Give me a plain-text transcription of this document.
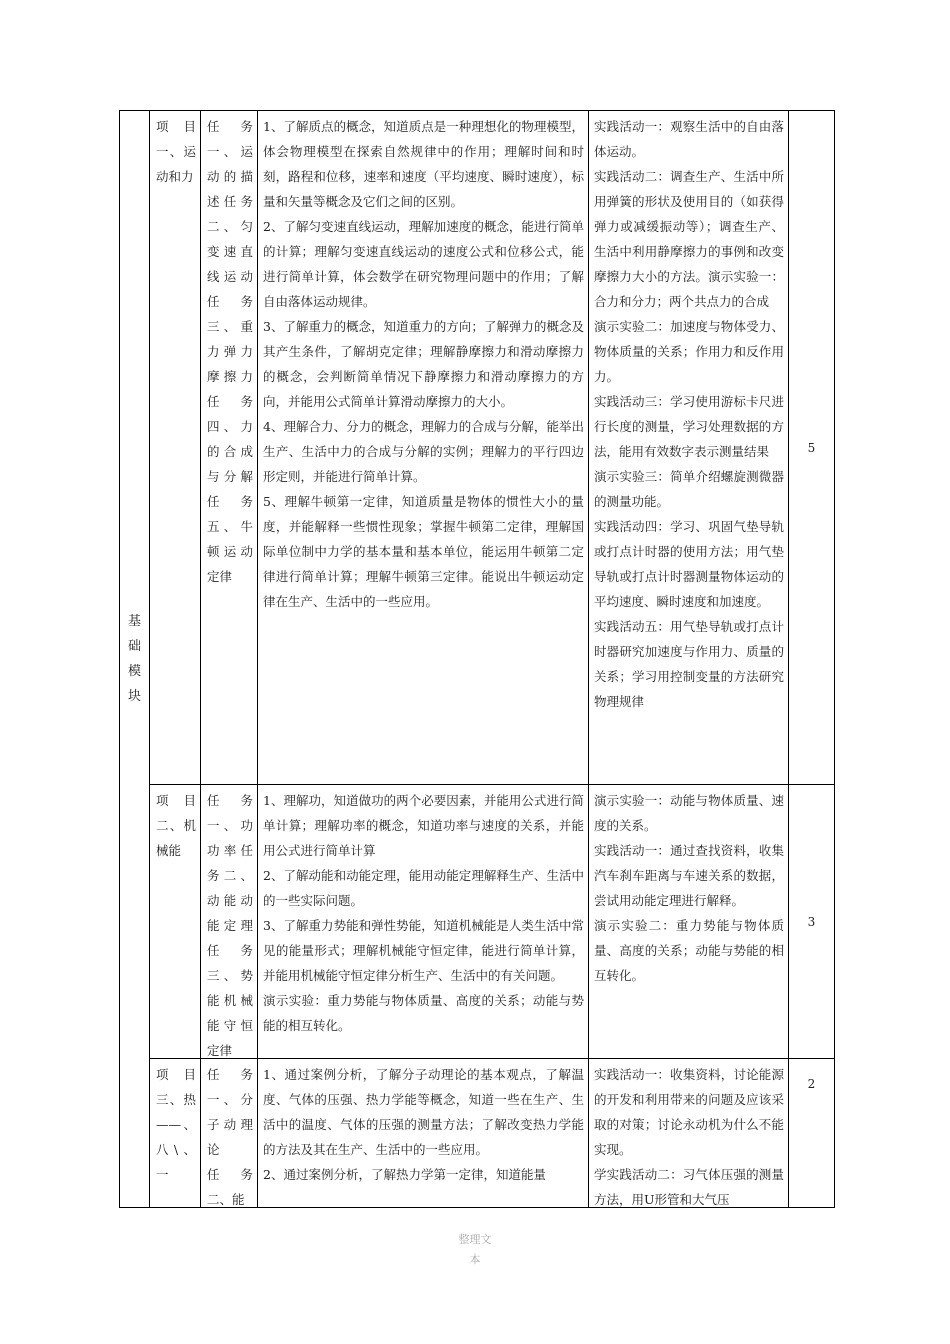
基
础
模
块

项目一、运动和力

任务一、运动的描述任务二、匀变速直线运动任务三、重力弹力摩擦力任务四、力的合成与分解任务五、牛顿运动定律

1、了解质点的概念，知道质点是一种理想化的物理模型，体会物理模型在探索自然规律中的作用；理解时间和时刻，路程和位移，速率和速度（平均速度、瞬时速度），标量和矢量等概念及它们之间的区别。

2、了解匀变速直线运动，理解加速度的概念，能进行简单的计算；理解匀变速直线运动的速度公式和位移公式，能进行简单计算，体会数学在研究物理问题中的作用；了解自由落体运动规律。

3、了解重力的概念，知道重力的方向；了解弹力的概念及其产生条件，了解胡克定律；理解静摩擦力和滑动摩擦力的概念，会判断简单情况下静摩擦力和滑动摩擦力的方向，并能用公式简单计算滑动摩擦力的大小。

4、理解合力、分力的概念，理解力的合成与分解，能举出生产、生活中力的合成与分解的实例；理解力的平行四边形定则，并能进行简单计算。

5、理解牛顿第一定律，知道质量是物体的惯性大小的量度，并能解释一些惯性现象；掌握牛顿第二定律，理解国际单位制中力学的基本量和基本单位，能运用牛顿第二定律进行简单计算；理解牛顿第三定律。能说出牛顿运动定律在生产、生活中的一些应用。

实践活动一：观察生活中的自由落体运动。

实践活动二：调查生产、生活中所用弹簧的形状及使用目的（如获得弹力或减缓振动等）；调查生产、生活中利用静摩擦力的事例和改变摩擦力大小的方法。演示实验一：合力和分力；两个共点力的合成

演示实验二：加速度与物体受力、物体质量的关系；作用力和反作用力。

实践活动三：学习使用游标卡尺进行长度的测量，学习处理数据的方法，能用有效数字表示测量结果

演示实验三：简单介绍螺旋测微器的测量功能。

实践活动四：学习、巩固气垫导轨或打点计时器的使用方法；用气垫导轨或打点计时器测量物体运动的平均速度、瞬时速度和加速度。

实践活动五：用气垫导轨或打点计时器研究加速度与作用力、质量的关系；学习用控制变量的方法研究物理规律

5

项目二、机械能

任务一、功功率任务二、动能动能定理任务三、势能机械能守恒定律

1、理解功，知道做功的两个必要因素，并能用公式进行简单计算；理解功率的概念，知道功率与速度的关系，并能用公式进行简单计算

2、了解动能和动能定理，能用动能定理解释生产、生活中的一些实际问题。

3、了解重力势能和弹性势能，知道机械能是人类生活中常见的能量形式；理解机械能守恒定律，能进行简单计算，并能用机械能守恒定律分析生产、生活中的有关问题。

演示实验：重力势能与物体质量、高度的关系；动能与势能的相互转化。

演示实验一：动能与物体质量、速度的关系。

实践活动一：通过查找资料，收集汽车刹车距离与车速关系的数据，尝试用动能定理进行解释。

演示实验二：重力势能与物体质量、高度的关系；动能与势能的相互转化。

3

项目三、热——、八\、一

任务一、分子动理论

任务二、能

1、通过案例分析，了解分子动理论的基本观点，了解温度、气体的压强、热力学能等概念，知道一些在生产、生活中的温度、气体的压强的测量方法；了解改变热力学能的方法及其在生产、生活中的一些应用。

2、通过案例分析，了解热力学第一定律，知道能量

实践活动一：收集资料，讨论能源的开发和利用带来的问题及应该采取的对策；讨论永动机为什么不能实现。

学实践活动二：习气体压强的测量方法，用U形管和大气压

2
整理文
本
